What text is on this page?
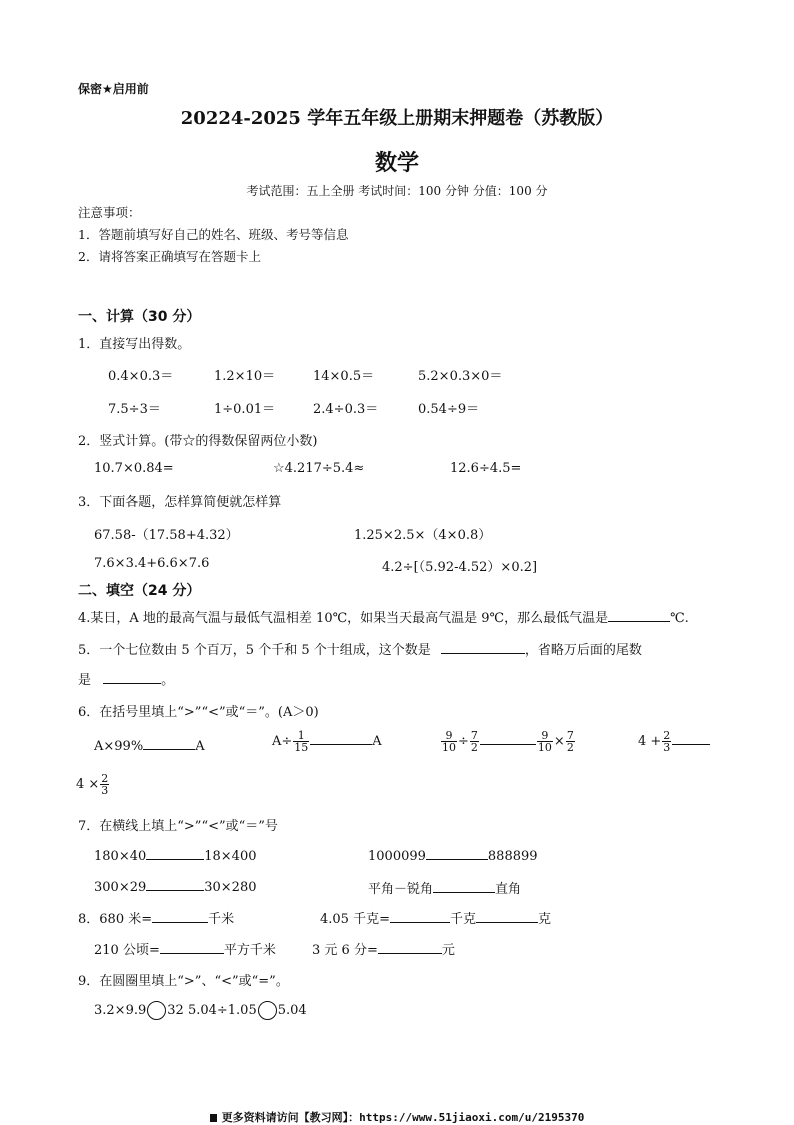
保密★启用前
20224-2025 学年五年级上册期末押题卷（苏教版）
数学
考试范围：五上全册 考试时间：100 分钟 分值：100 分
注意事项：
1．答题前填写好自己的姓名、班级、考号等信息
2．请将答案正确填写在答题卡上
一、计算（30 分）
1．直接写出得数。
0.4×0.3＝	1.2×10＝	14×0.5＝	5.2×0.3×0＝
7.5÷3＝	1÷0.01＝	2.4÷0.3＝	0.54÷9＝
2．竖式计算。(带☆的得数保留两位小数)
10.7×0.84=	☆4.217÷5.4≈	12.6÷4.5=
3．下面各题，怎样算简便就怎样算
67.58-（17.58+4.32）	1.25×2.5×（4×0.8）
7.6×3.4+6.6×7.6	4.2÷[（5.92-4.52）×0.2]
二、填空（24 分）
4.某日，A 地的最高气温与最低气温相差 10℃，如果当天最高气温是 9℃，那么最低气温是	℃.
5．一个七位数由 5 个百万，5 个千和 5 个十组成，这个数是	，省略万后面的尾数
是	。
6．在括号里填上“>”“<”或“＝”。(A＞0)
A×99%	A	$A\div \frac{1}{15}$	A	$\frac{9}{10} \div \frac{7}{2}$	$\frac{9}{10} \times \frac{7}{2}$	$4 + \frac{2}{3}$
$4 \times \frac{2}{3}$
7．在横线上填上“>”“<”或“＝”号
180×40	18×400	1000099	888899
300×29	30×280	平角－锐角	直角
8．680 米=	千米	4.05 千克=	千克	克
210 公顷=	平方千米	3 元 6 分=	元
9．在圆圈里填上“>”、“<”或“=”。
3.2×9.9 32 5.04÷1.05 5.04
更多资料请访问【教习网】：https://www.51jiaoxi.com/u/2195370
